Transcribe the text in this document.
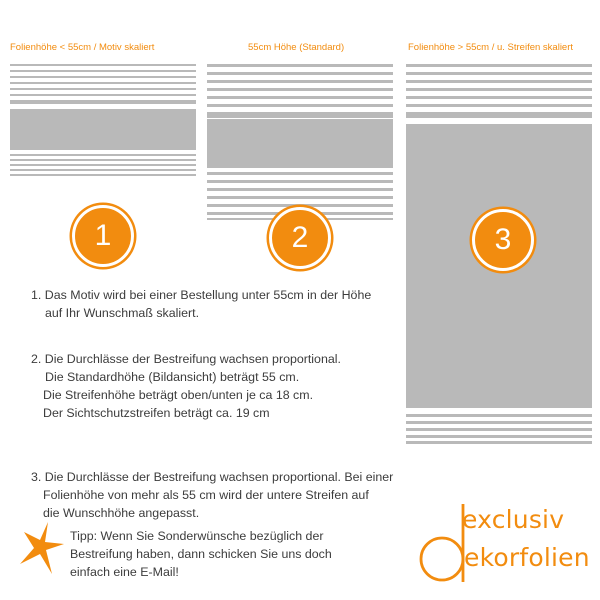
Folienhöhe < 55cm / Motiv skaliert	55cm Höhe (Standard)	Folienhöhe > 55cm / u. Streifen skaliert
1	2	3
1. Das Motiv wird bei einer Bestellung unter 55cm in der Höhe
auf Ihr Wunschmaß skaliert.
2. Die Durchlässe der Bestreifung wachsen proportional.
Die Standardhöhe (Bildansicht) beträgt 55 cm.
Die Streifenhöhe beträgt oben/unten je ca 18 cm.
Der Sichtschutzstreifen beträgt ca. 19 cm
3. Die Durchlässe der Bestreifung wachsen proportional. Bei einer
Folienhöhe von mehr als 55 cm wird der untere Streifen auf
die Wunschhöhe angepasst.
Tipp: Wenn Sie Sonderwünsche bezüglich der
Bestreifung haben, dann schicken Sie uns doch
einfach eine E-Mail!
exclusiv
ekorfolien
